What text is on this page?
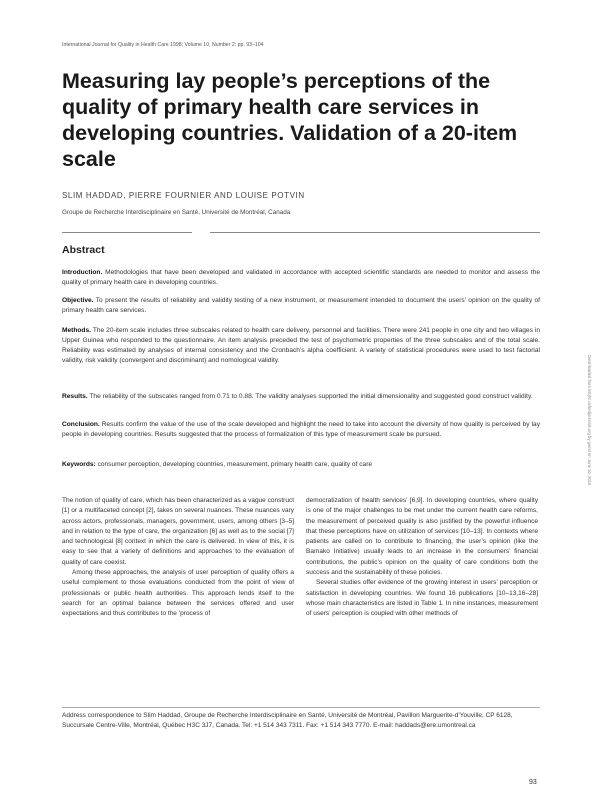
International Journal for Quality in Health Care 1998; Volume 10, Number 2: pp. 93–104
Measuring lay people’s perceptions of the quality of primary health care services in developing countries. Validation of a 20-item scale
SLIM HADDAD, PIERRE FOURNIER AND LOUISE POTVIN
Groupe de Recherche Interdisciplinaire en Santé, Université de Montréal, Canada
Abstract
Introduction. Methodologies that have been developed and validated in accordance with accepted scientific standards are needed to monitor and assess the quality of primary health care in developing countries.
Objective. To present the results of reliability and validity testing of a new instrument, or measurement intended to document the users’ opinion on the quality of primary health care services.
Methods. The 20-item scale includes three subscales related to health care delivery, personnel and facilities. There were 241 people in one city and two villages in Upper Guinea who responded to the questionnaire. An item analysis preceded the test of psychometric properties of the three subscales and of the total scale. Reliability was estimated by analyses of internal consistency and the Cronbach’s alpha coefficient. A variety of statistical procedures were used to test factorial validity, risk validity (convergent and discriminant) and nomological validity.
Results. The reliability of the subscales ranged from 0.71 to 0.88. The validity analyses supported the initial dimensionality and suggested good construct validity.
Conclusion. Results confirm the value of the use of the scale developed and highlight the need to take into account the diversity of how quality is perceived by lay people in developing countries. Results suggested that the process of formalization of this type of measurement scale be pursued.
Keywords: consumer perception, developing countries, measurement, primary health care, quality of care

The notion of quality of care, which has been characterized as a vague construct [1] or a multifaceted concept [2], takes on several nuances. These nuances vary across actors, professionals, managers, government, users, among others [3–5] and in relation to the type of care, the organization [6] as well as to the social [7] and technological [8] context in which the care is delivered. In view of this, it is easy to see that a variety of definitions and approaches to the evaluation of quality of care coexist.

Among these approaches, the analysis of user perception of quality offers a useful complement to those evaluations conducted from the point of view of professionals or public health authorities. This approach lends itself to the search for an optimal balance between the services offered and user expectations and thus contributes to the ‘process of

democratization of health services’ [6,9]. In developing countries, where quality is one of the major challenges to be met under the current health care reforms, the measurement of perceived quality is also justified by the powerful influence that these perceptions have on utilization of services [10–13]. In contexts where patients are called on to contribute to financing, the user’s opinion (like the Bamako Initiative) usually leads to an increase in the consumers’ financial contributions, the public’s opinion on the quality of care conditions both the success and the sustainability of these policies.

Several studies offer evidence of the growing interest in users’ perception or satisfaction in developing countries. We found 16 publications [10–13,16–28] whose main characteristics are listed in Table 1. In nine instances, measurement of users’ perception is coupled with other methods of

Address correspondence to Slim Haddad, Groupe de Recherche Interdisciplinaire en Santé, Université de Montréal, Pavillon Marguerite-d’Youville, CP 6128, Succursale Centre-Ville, Montréal, Québec H3C 3J7, Canada. Tel: +1 514 343 7311. Fax: +1 514 343 7770. E-mail: haddads@ere.umontreal.ca
93
Downloaded from intqhc.oxfordjournals.org by guest on June 10, 2016
